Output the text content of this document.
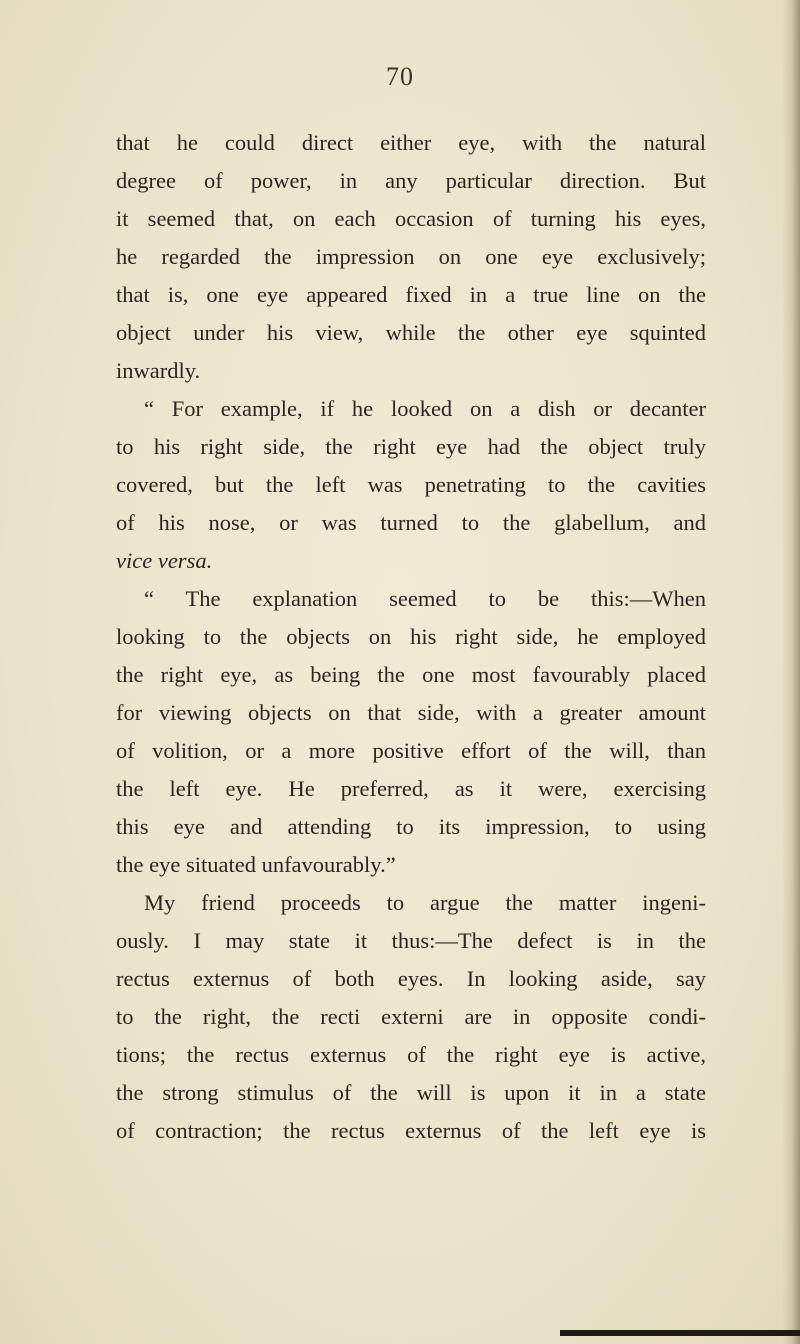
70
that he could direct either eye, with the natural
degree of power, in any particular direction. But
it seemed that, on each occasion of turning his eyes,
he regarded the impression on one eye exclusively;
that is, one eye appeared fixed in a true line on the
object under his view, while the other eye squinted
inwardly.
“ For example, if he looked on a dish or decanter
to his right side, the right eye had the object truly
covered, but the left was penetrating to the cavities
of his nose, or was turned to the glabellum, and
vice versa.
“ The explanation seemed to be this:—When
looking to the objects on his right side, he employed
the right eye, as being the one most favourably placed
for viewing objects on that side, with a greater amount
of volition, or a more positive effort of the will, than
the left eye. He preferred, as it were, exercising
this eye and attending to its impression, to using
the eye situated unfavourably.”
My friend proceeds to argue the matter ingeni-
ously. I may state it thus:—The defect is in the
rectus externus of both eyes. In looking aside, say
to the right, the recti externi are in opposite condi-
tions; the rectus externus of the right eye is active,
the strong stimulus of the will is upon it in a state
of contraction; the rectus externus of the left eye is
